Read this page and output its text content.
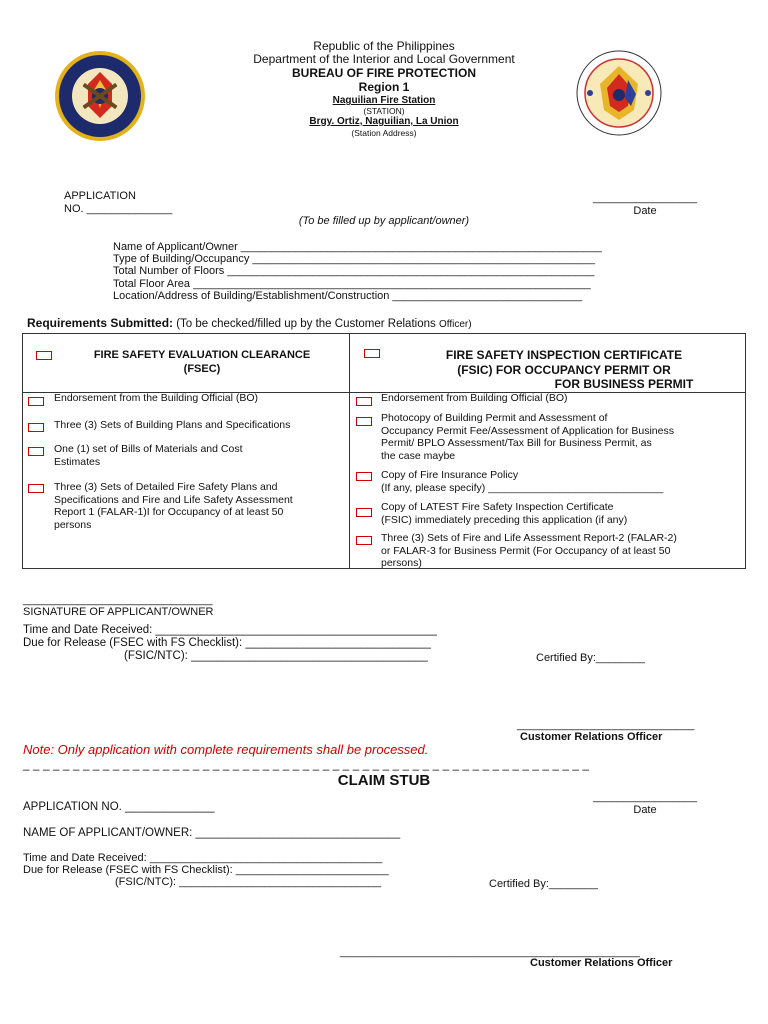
Republic of the Philippines
Department of the Interior and Local Government
BUREAU OF FIRE PROTECTION
Region 1
Naguilian Fire Station
(STATION)
Brgy. Ortiz, Naguilian, La Union
(Station Address)
APPLICATION
NO. ______________
_________________
Date
(To be filled up by applicant/owner)
Name of Applicant/Owner ___________________________________________________________
Type of Building/Occupancy ________________________________________________________
Total Number of Floors ____________________________________________________________
Total Floor Area _________________________________________________________________
Location/Address of Building/Establishment/Construction _______________________________
Requirements Submitted: (To be checked/filled up by the Customer Relations Officer)
FIRE SAFETY EVALUATION CLEARANCE
(FSEC)
FIRE SAFETY INSPECTION CERTIFICATE
(FSIC) FOR OCCUPANCY PERMIT OR
FOR BUSINESS PERMIT
Endorsement from the Building Official (BO)
Three (3) Sets of Building Plans and Specifications
One (1) set of Bills of Materials and Cost
Estimates
Three (3) Sets of Detailed Fire Safety Plans and
Specifications and Fire and Life Safety Assessment
Report 1 (FALAR-1)I for Occupancy of at least 50
persons
Endorsement from Building Official (BO)
Photocopy of Building Permit and Assessment of
Occupancy Permit Fee/Assessment of Application for Business
Permit/ BPLO Assessment/Tax Bill for Business Permit, as
the case maybe
Copy of Fire Insurance Policy
(If any, please specify) ______________________________
Copy of LATEST Fire Safety Inspection Certificate
(FSIC) immediately preceding this application (if any)
Three (3) Sets of Fire and Life Assessment Report-2 (FALAR-2)
or FALAR-3 for Business Permit (For Occupancy of at least 50
persons)
_______________________________
SIGNATURE OF APPLICANT/OWNER
Time and Date Received: ____________________________________________
Due for Release (FSEC with FS Checklist): _____________________________
(FSIC/NTC): _____________________________________	Certified By:________
_____________________________
Customer Relations Officer
Note: Only application with complete requirements shall be processed.
_ _ _ _ _ _ _ _ _ _ _ _ _ _ _ _ _ _ _ _ _ _ _ _ _ _ _ _ _ _ _ _ _ _ _ _ _ _ _ _ _ _ _ _ _ _ _ _ _ _ _ _ _ _ _ _ _
CLAIM STUB
APPLICATION NO. ______________
_________________
Date
NAME OF APPLICANT/OWNER: ________________________________
Time and Date Received: ______________________________________
Due for Release (FSEC with FS Checklist): _________________________
(FSIC/NTC): _________________________________	Certified By:________
_________________________________________________
Customer Relations Officer
